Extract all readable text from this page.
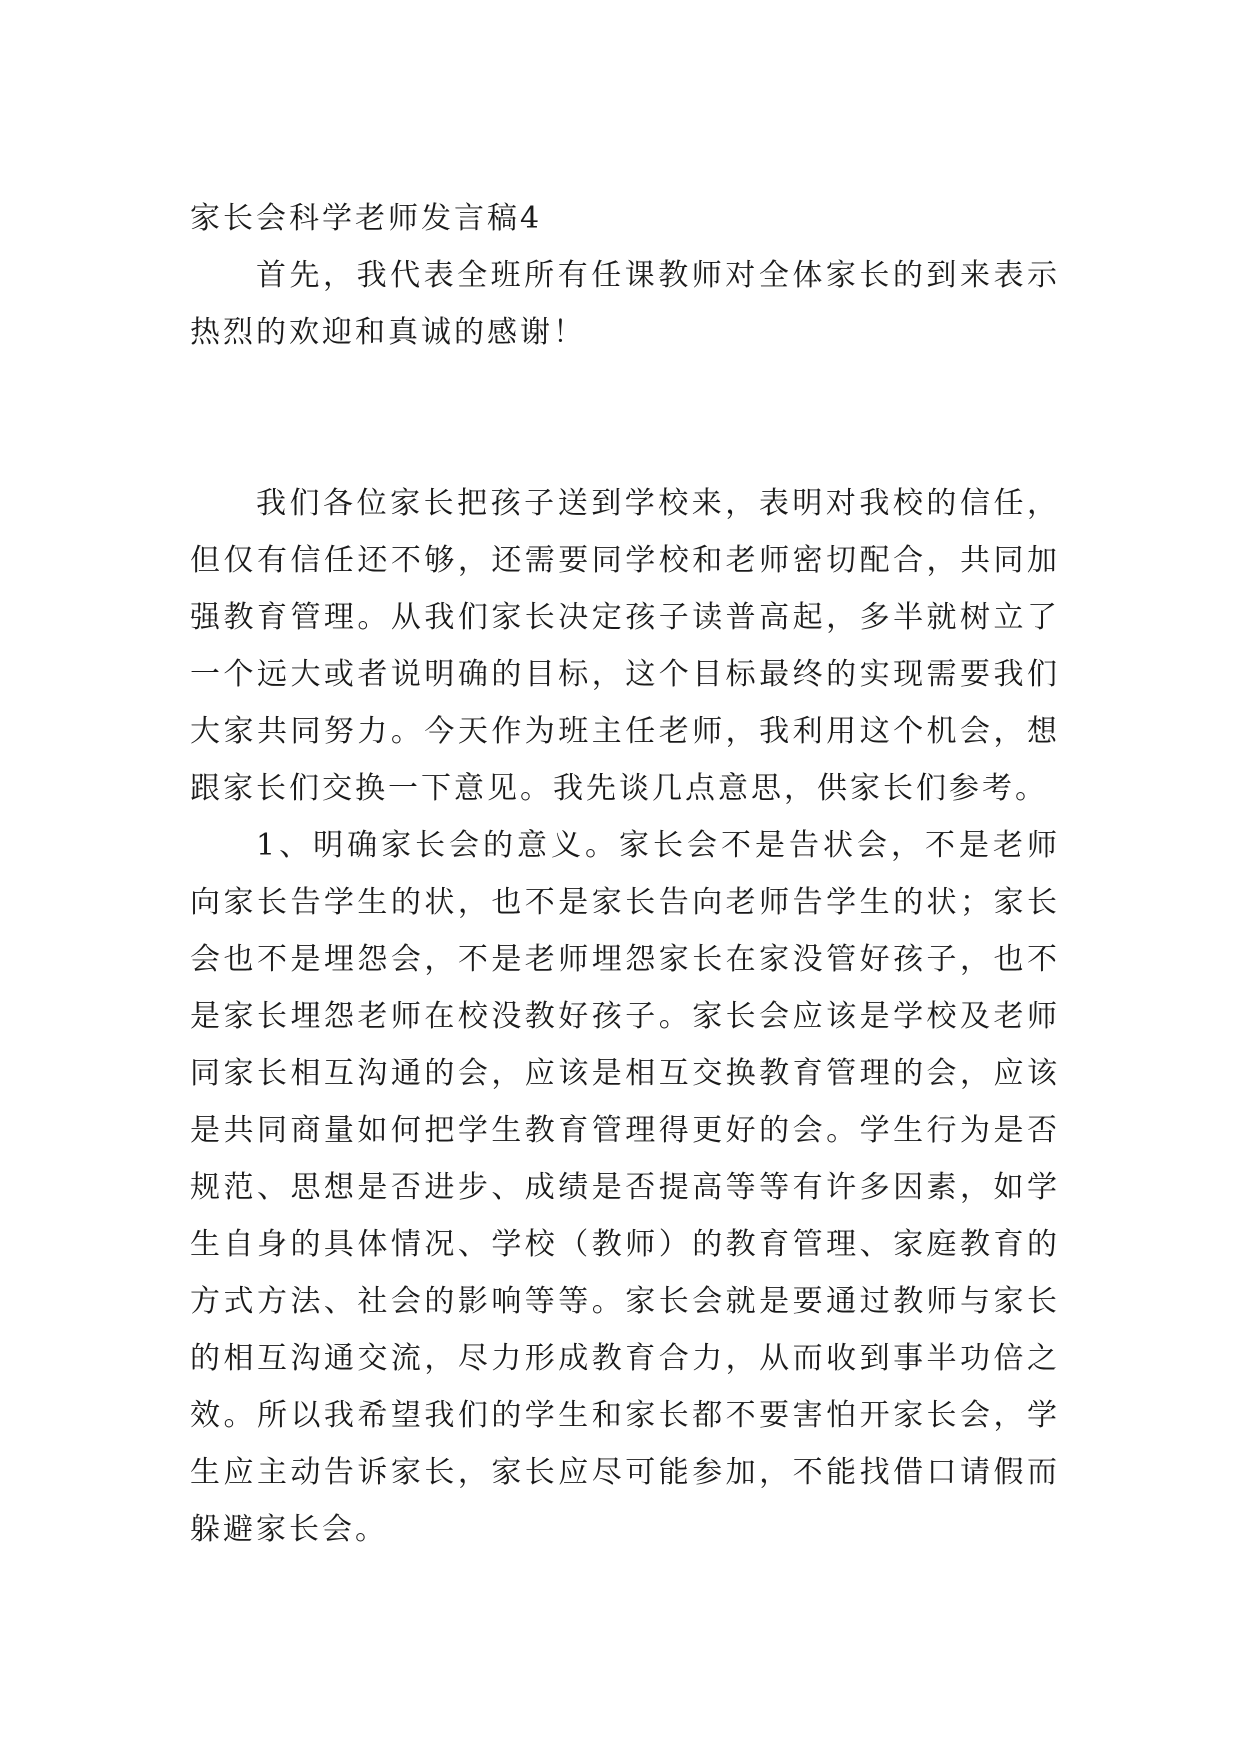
家长会科学老师发言稿4

首先，我代表全班所有任课教师对全体家长的到来表示热烈的欢迎和真诚的感谢！

我们各位家长把孩子送到学校来，表明对我校的信任，但仅有信任还不够，还需要同学校和老师密切配合，共同加强教育管理。从我们家长决定孩子读普高起，多半就树立了一个远大或者说明确的目标，这个目标最终的实现需要我们大家共同努力。今天作为班主任老师，我利用这个机会，想跟家长们交换一下意见。我先谈几点意思，供家长们参考。

1、明确家长会的意义。家长会不是告状会，不是老师向家长告学生的状，也不是家长告向老师告学生的状；家长会也不是埋怨会，不是老师埋怨家长在家没管好孩子，也不是家长埋怨老师在校没教好孩子。家长会应该是学校及老师同家长相互沟通的会，应该是相互交换教育管理的会，应该是共同商量如何把学生教育管理得更好的会。学生行为是否规范、思想是否进步、成绩是否提高等等有许多因素，如学生自身的具体情况、学校（教师）的教育管理、家庭教育的方式方法、社会的影响等等。家长会就是要通过教师与家长的相互沟通交流，尽力形成教育合力，从而收到事半功倍之效。所以我希望我们的学生和家长都不要害怕开家长会，学生应主动告诉家长，家长应尽可能参加，不能找借口请假而躲避家长会。
